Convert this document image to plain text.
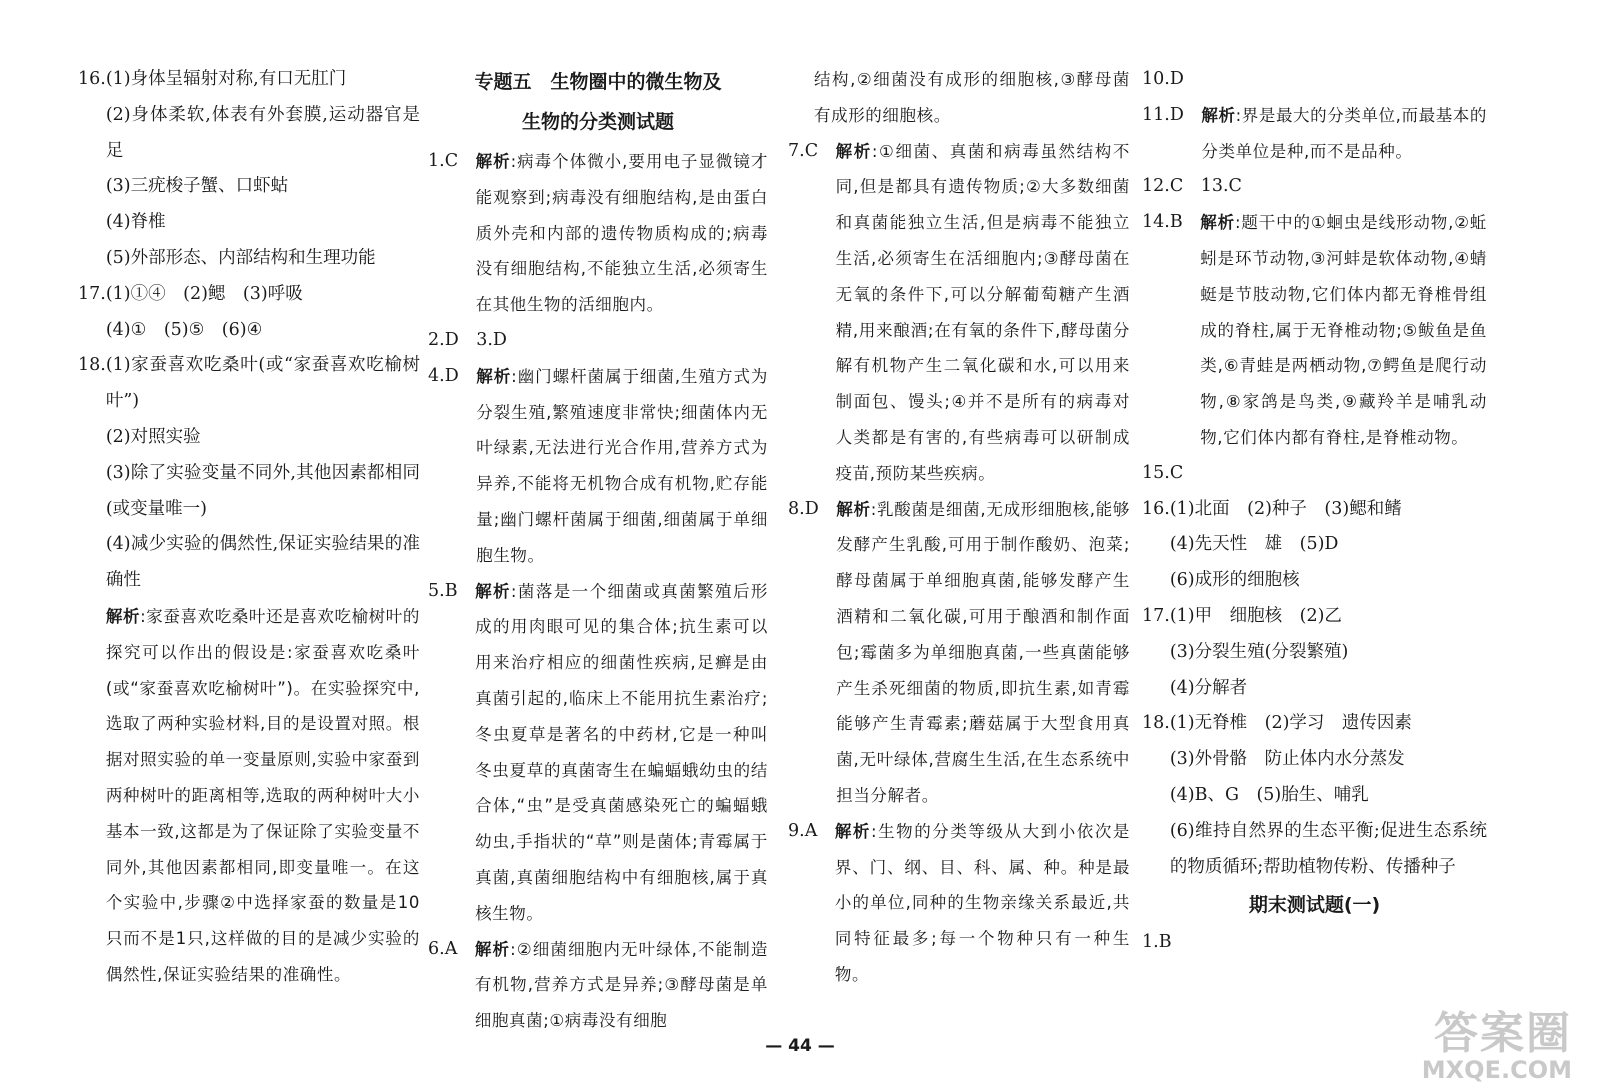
16. (1)身体呈辐射对称,有口无肛门
(2)身体柔软,体表有外套膜,运动器官是足
(3)三疣梭子蟹、口虾蛄
(4)脊椎
(5)外部形态、内部结构和生理功能
17. (1)①④　(2)鳃　(3)呼吸
(4)①　(5)⑤　(6)④
18. (1)家蚕喜欢吃桑叶(或“家蚕喜欢吃榆树叶”)
(2)对照实验
(3)除了实验变量不同外,其他因素都相同(或变量唯一)
(4)减少实验的偶然性,保证实验结果的准确性
解析:家蚕喜欢吃桑叶还是喜欢吃榆树叶的探究可以作出的假设是:家蚕喜欢吃桑叶(或“家蚕喜欢吃榆树叶”)。在实验探究中,选取了两种实验材料,目的是设置对照。根据对照实验的单一变量原则,实验中家蚕到两种树叶的距离相等,选取的两种树叶大小基本一致,这都是为了保证除了实验变量不同外,其他因素都相同,即变量唯一。在这个实验中,步骤②中选择家蚕的数量是10只而不是1只,这样做的目的是减少实验的偶然性,保证实验结果的准确性。
专题五　生物圈中的微生物及
生物的分类测试题
1.C　 解析:病毒个体微小,要用电子显微镜才能观察到;病毒没有细胞结构,是由蛋白质外壳和内部的遗传物质构成的;病毒没有细胞结构,不能独立生活,必须寄生在其他生物的活细胞内。
2.D　3.D
4.D　 解析:幽门螺杆菌属于细菌,生殖方式为分裂生殖,繁殖速度非常快;细菌体内无叶绿素,无法进行光合作用,营养方式为异养,不能将无机物合成有机物,贮存能量;幽门螺杆菌属于细菌,细菌属于单细胞生物。
5.B　 解析:菌落是一个细菌或真菌繁殖后形成的用肉眼可见的集合体;抗生素可以用来治疗相应的细菌性疾病,足癣是由真菌引起的,临床上不能用抗生素治疗;冬虫夏草是著名的中药材,它是一种叫冬虫夏草的真菌寄生在蝙蝠蛾幼虫的结合体,“虫”是受真菌感染死亡的蝙蝠蛾幼虫,手指状的“草”则是菌体;青霉属于真菌,真菌细胞结构中有细胞核,属于真核生物。
6.A　 解析:②细菌细胞内无叶绿体,不能制造有机物,营养方式是异养;③酵母菌是单细胞真菌;①病毒没有细胞
结构,②细菌没有成形的细胞核,③酵母菌有成形的细胞核。
7.C　 解析:①细菌、真菌和病毒虽然结构不同,但是都具有遗传物质;②大多数细菌和真菌能独立生活,但是病毒不能独立生活,必须寄生在活细胞内;③酵母菌在无氧的条件下,可以分解葡萄糖产生酒精,用来酿酒;在有氧的条件下,酵母菌分解有机物产生二氧化碳和水,可以用来制面包、馒头;④并不是所有的病毒对人类都是有害的,有些病毒可以研制成疫苗,预防某些疾病。
8.D　 解析:乳酸菌是细菌,无成形细胞核,能够发酵产生乳酸,可用于制作酸奶、泡菜;酵母菌属于单细胞真菌,能够发酵产生酒精和二氧化碳,可用于酿酒和制作面包;霉菌多为单细胞真菌,一些真菌能够产生杀死细菌的物质,即抗生素,如青霉能够产生青霉素;蘑菇属于大型食用真菌,无叶绿体,营腐生生活,在生态系统中担当分解者。
9.A　 解析:生物的分类等级从大到小依次是界、门、纲、目、科、属、种。种是最小的单位,同种的生物亲缘关系最近,共同特征最多;每一个物种只有一种生物。
10.D
11.D　 解析:界是最大的分类单位,而最基本的分类单位是种,而不是品种。
12.C　13.C
14.B　 解析:题干中的①蛔虫是线形动物,②蚯蚓是环节动物,③河蚌是软体动物,④蜻蜓是节肢动物,它们体内都无脊椎骨组成的脊柱,属于无脊椎动物;⑤鲅鱼是鱼类,⑥青蛙是两栖动物,⑦鳄鱼是爬行动物,⑧家鸽是鸟类,⑨藏羚羊是哺乳动物,它们体内都有脊柱,是脊椎动物。
15.C
16. (1)北面　(2)种子　(3)鳃和鳍
(4)先天性　雄　(5)D
(6)成形的细胞核
17. (1)甲　细胞核　(2)乙
(3)分裂生殖(分裂繁殖)
(4)分解者
18. (1)无脊椎　(2)学习　遗传因素
(3)外骨骼　防止体内水分蒸发
(4)B、G　(5)胎生、哺乳
(6)维持自然界的生态平衡;促进生态系统的物质循环;帮助植物传粉、传播种子
期末测试题(一)
1.B
— 44 —	答案圈
MXQE.COM
